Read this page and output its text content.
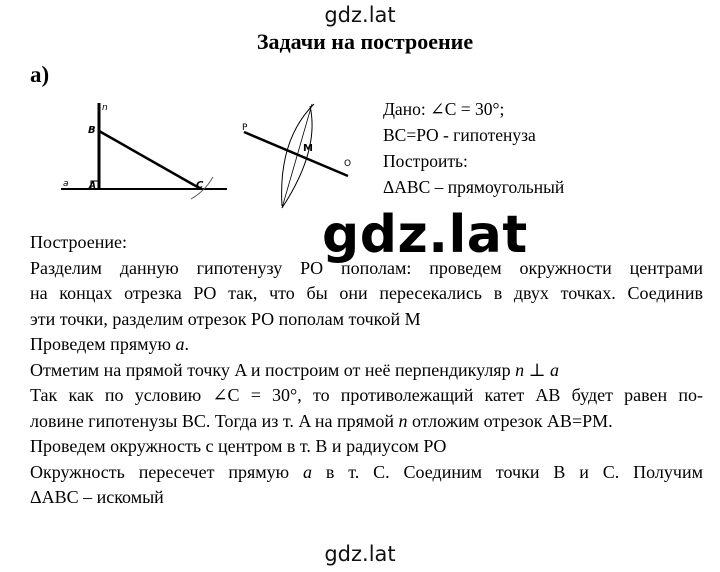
gdz.lat
Задачи на построение
а)
n
B
a A	C
P
M
O
Дано: ∠C = 30°;
BC=PO - гипотенуза
Построить:
ΔABC – прямоугольный

Построение:

Разделим данную гипотенузу PO пополам: проведем окружности центрами

на концах отрезка PO так, что бы они пересекались в двух точках. Соединив

эти точки, разделим отрезок PO пополам точкой M

Проведем прямую a.

Отметим на прямой точку A и построим от неё перпендикуляр n ⊥ a

Так как по условию ∠C = 30°, то противолежащий катет AB будет равен по-

ловине гипотенузы BC. Тогда из т. A на прямой n отложим отрезок AB=PM.

Проведем окружность с центром в т. B и радиусом PO

Окружность пересечет прямую a в т. C. Соединим точки B и C. Получим

ΔABC – искомый

gdz.lat
gdz.lat
